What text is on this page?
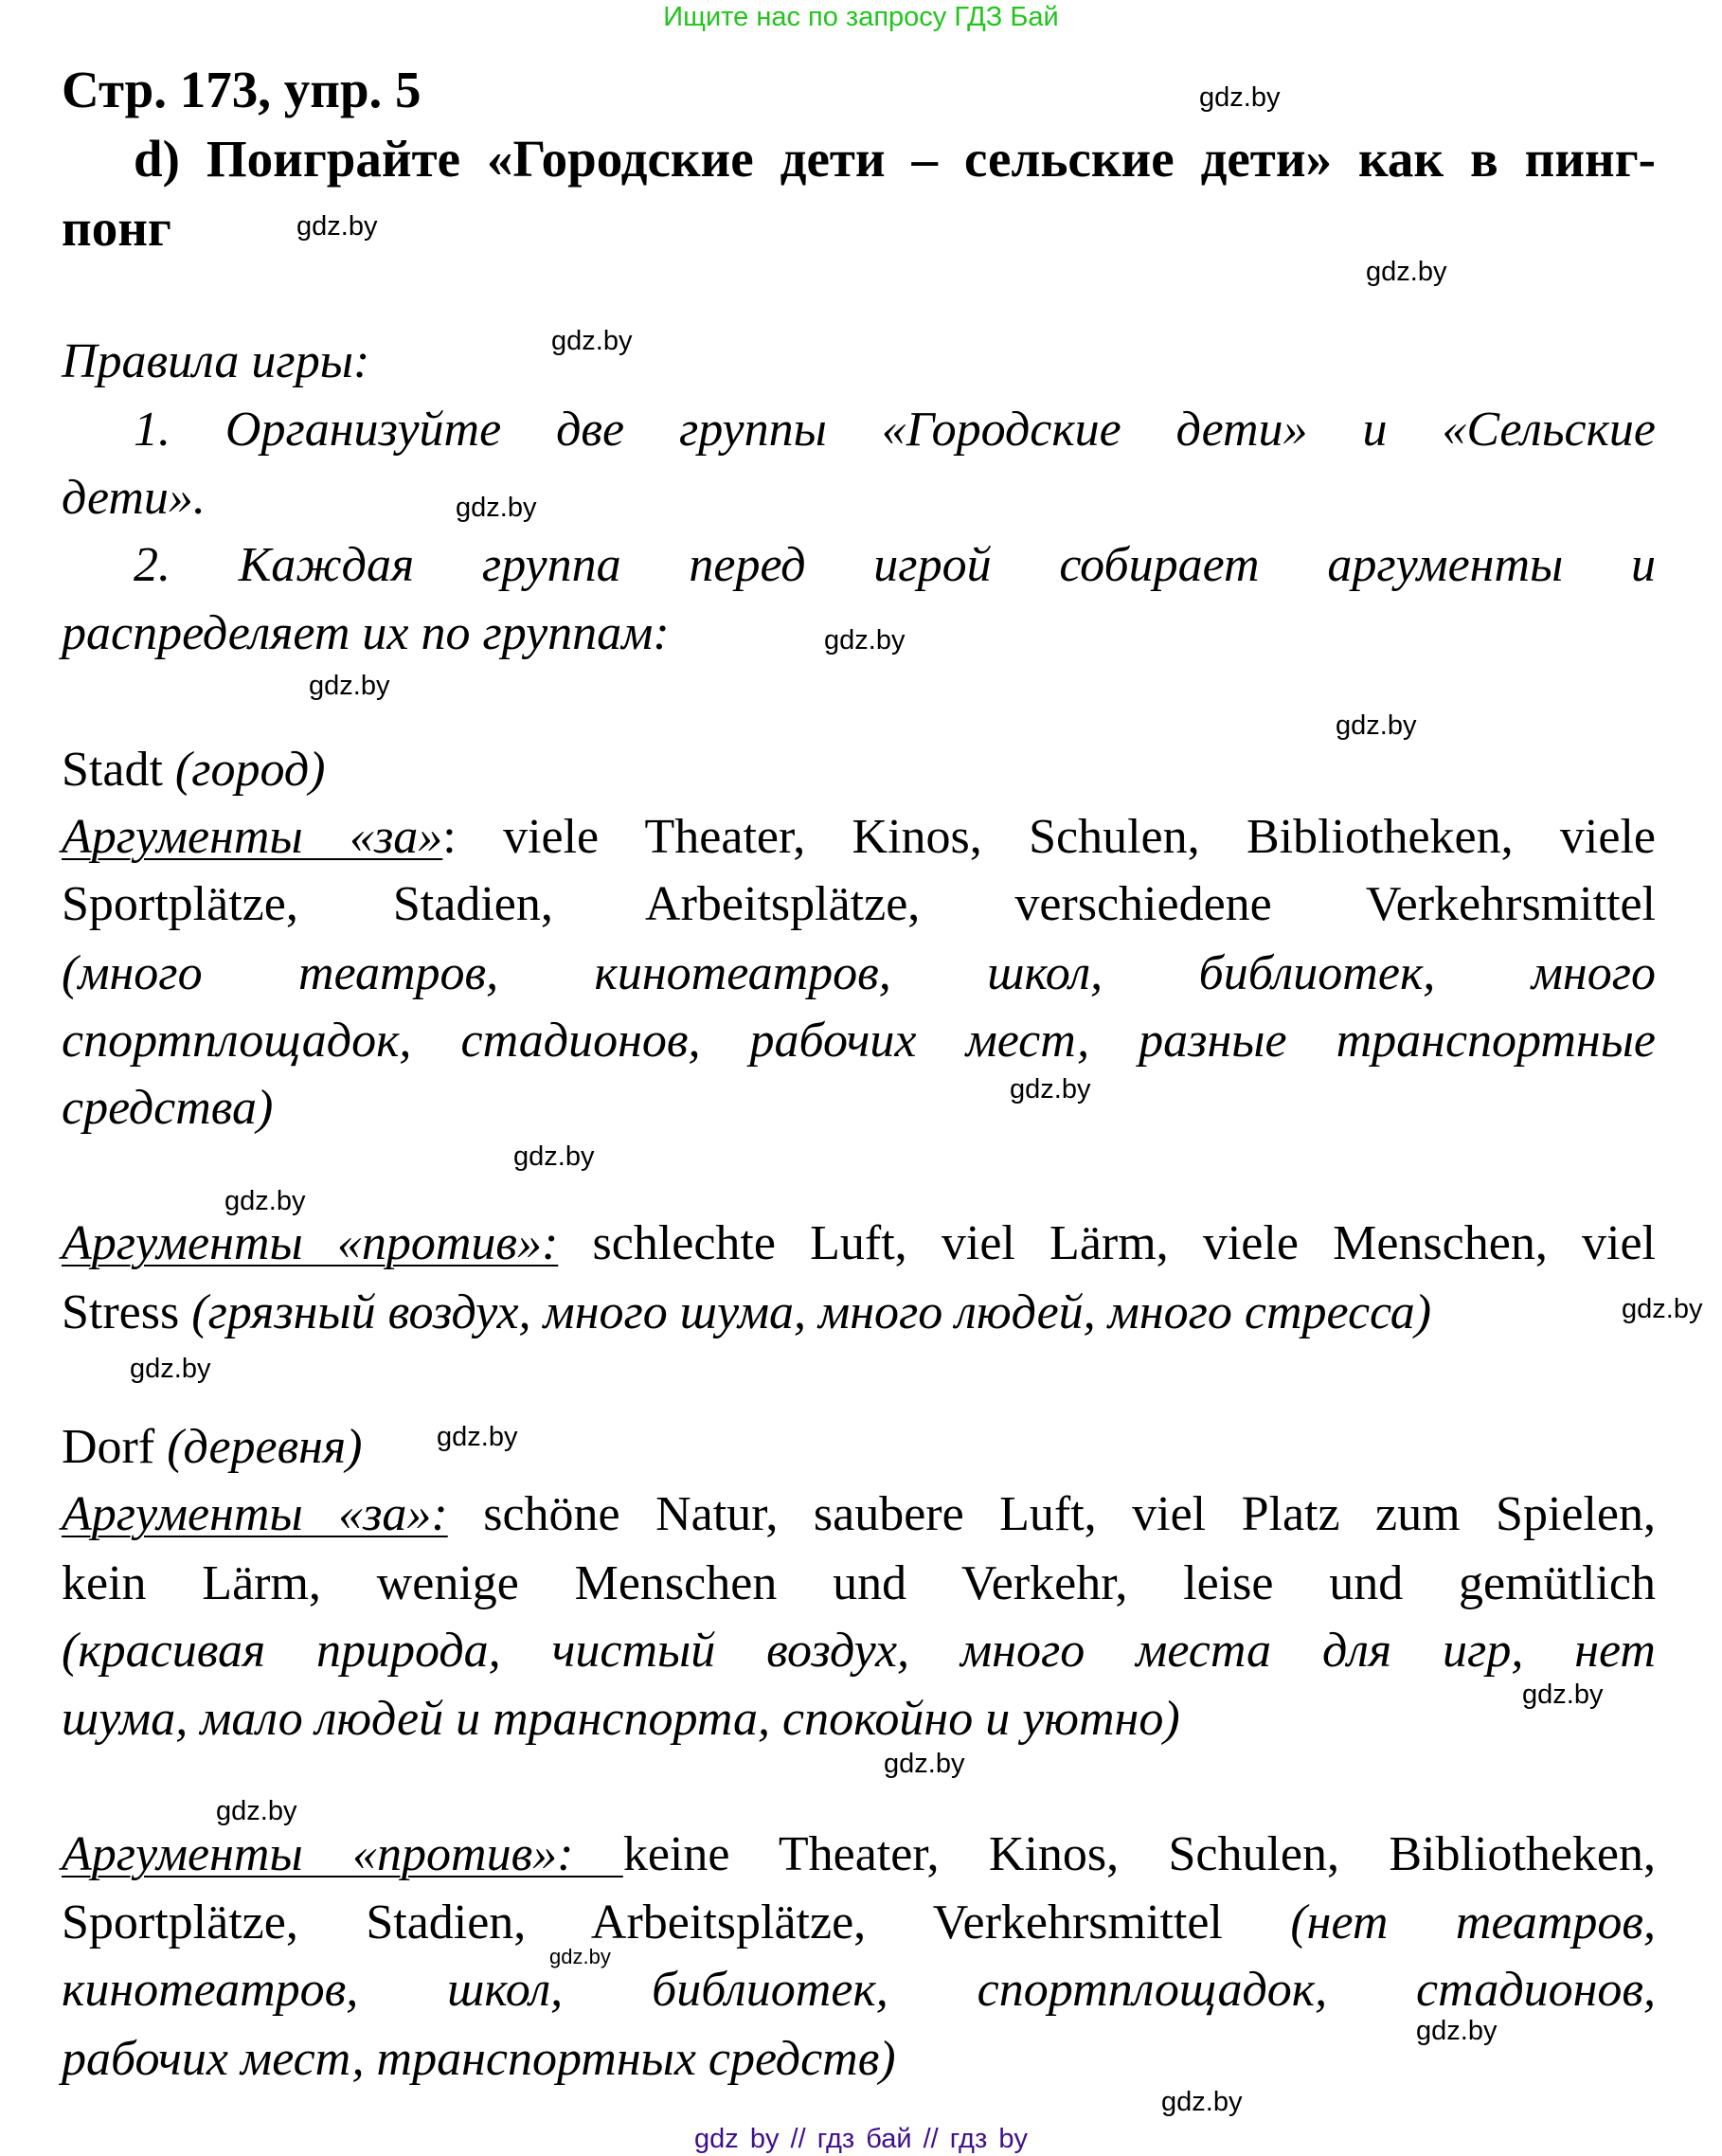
Ищите нас по запросу ГДЗ Бай
Стр. 173, упр. 5
d) Поиграйте «Городские дети – сельские дети» как в пинг-
понг
Правила игры:
1. Организуйте две группы «Городские дети» и «Сельские
дети».
2. Каждая группа перед игрой собирает аргументы и
распределяет их по группам:
Stadt (город)
Аргументы «за»: viele Theater, Kinos, Schulen, Bibliotheken, viele
Sportplätze, Stadien, Arbeitsplätze, verschiedene Verkehrsmittel
(много театров, кинотеатров, школ, библиотек, много
спортплощадок, стадионов, рабочих мест, разные транспортные
средства)
Аргументы «против»: schlechte Luft, viel Lärm, viele Menschen, viel
Stress (грязный воздух, много шума, много людей, много стресса)
Dorf (деревня)
Аргументы «за»: schöne Natur, saubere Luft, viel Platz zum Spielen,
kein Lärm, wenige Menschen und Verkehr, leise und gemütlich
(красивая природа, чистый воздух, много места для игр, нет
шума, мало людей и транспорта, спокойно и уютно)
Аргументы «против»: keine Theater, Kinos, Schulen, Bibliotheken,
Sportplätze, Stadien, Arbeitsplätze, Verkehrsmittel (нет театров,
кинотеатров, школ, библиотек, спортплощадок, стадионов,
рабочих мест, транспортных средств)
gdz.by
gdz.by
gdz.by
gdz.by
gdz.by
gdz.by
gdz.by
gdz.by
gdz.by
gdz.by
gdz.by
gdz.by
gdz.by
gdz.by
gdz.by
gdz.by
gdz.by
gdz.by
gdz.by
gdz.by
gdz by // гдз бай // гдз by
